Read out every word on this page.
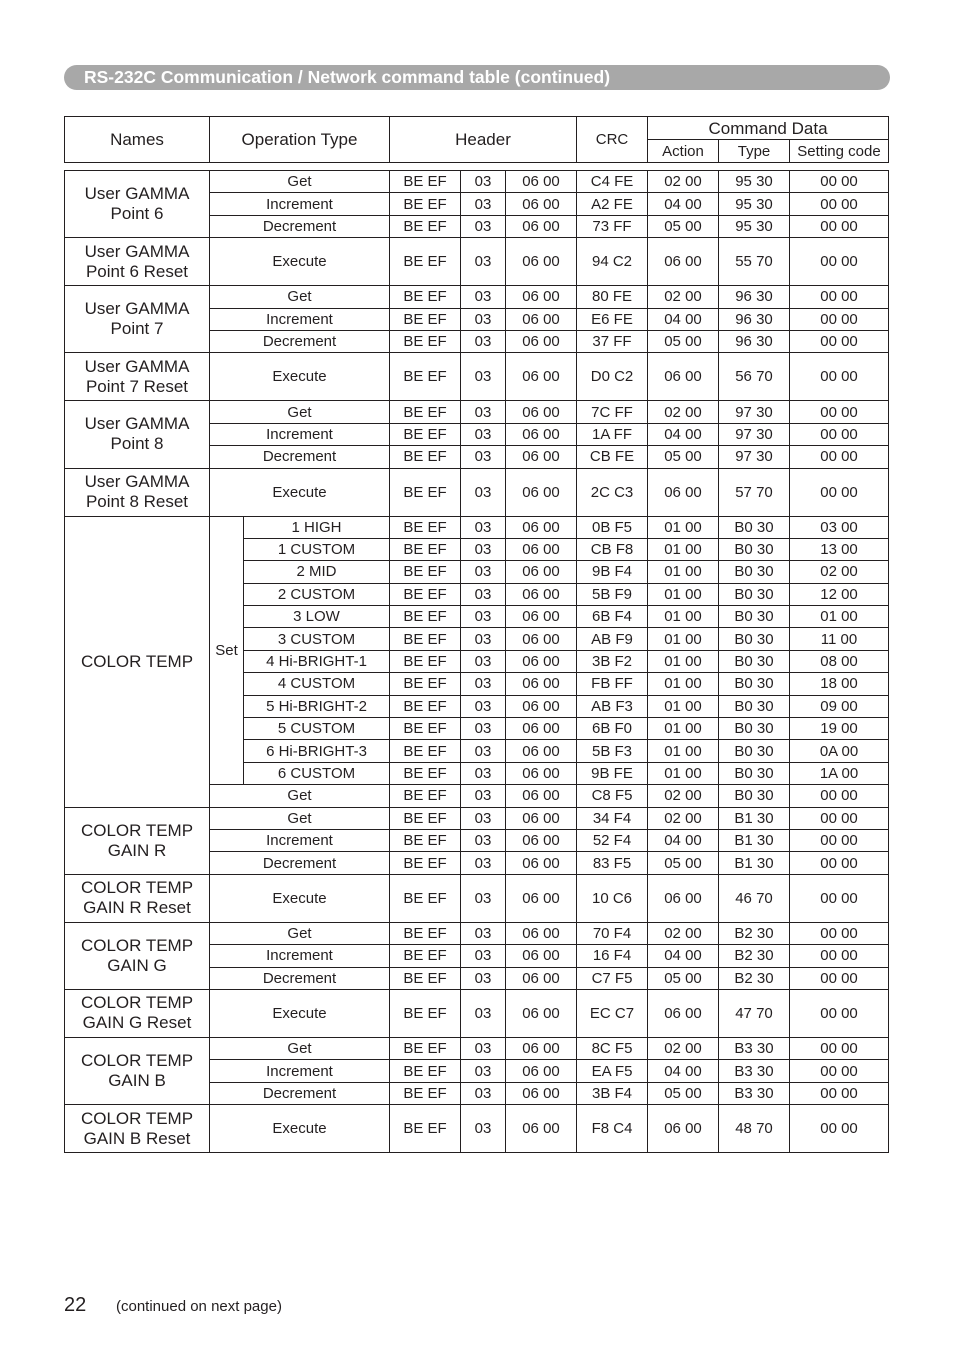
RS-232C Communication / Network command table (continued)
Names	Operation Type		Header			CRC	Command Data		
							Action	Type	Setting code

User GAMMA Point 6	Get		BE EF	03	06 00	C4 FE	02 00	95 30	00 00
	Increment		BE EF	03	06 00	A2 FE	04 00	95 30	00 00
	Decrement		BE EF	03	06 00	73 FF	05 00	95 30	00 00
User GAMMA Point 6 Reset	Execute		BE EF	03	06 00	94 C2	06 00	55 70	00 00
User GAMMA Point 7	Get		BE EF	03	06 00	80 FE	02 00	96 30	00 00
	Increment		BE EF	03	06 00	E6 FE	04 00	96 30	00 00
	Decrement		BE EF	03	06 00	37 FF	05 00	96 30	00 00
User GAMMA Point 7 Reset	Execute		BE EF	03	06 00	D0 C2	06 00	56 70	00 00
User GAMMA Point 8	Get		BE EF	03	06 00	7C FF	02 00	97 30	00 00
	Increment		BE EF	03	06 00	1A FF	04 00	97 30	00 00
	Decrement		BE EF	03	06 00	CB FE	05 00	97 30	00 00
User GAMMA Point 8 Reset	Execute		BE EF	03	06 00	2C C3	06 00	57 70	00 00
COLOR TEMP	Set	1 HIGH	BE EF	03	06 00	0B F5	01 00	B0 30	03 00
		1 CUSTOM	BE EF	03	06 00	CB F8	01 00	B0 30	13 00
		2 MID	BE EF	03	06 00	9B F4	01 00	B0 30	02 00
		2 CUSTOM	BE EF	03	06 00	5B F9	01 00	B0 30	12 00
		3 LOW	BE EF	03	06 00	6B F4	01 00	B0 30	01 00
		3 CUSTOM	BE EF	03	06 00	AB F9	01 00	B0 30	11 00
		4 Hi-BRIGHT-1	BE EF	03	06 00	3B F2	01 00	B0 30	08 00
		4 CUSTOM	BE EF	03	06 00	FB FF	01 00	B0 30	18 00
		5 Hi-BRIGHT-2	BE EF	03	06 00	AB F3	01 00	B0 30	09 00
		5 CUSTOM	BE EF	03	06 00	6B F0	01 00	B0 30	19 00
		6 Hi-BRIGHT-3	BE EF	03	06 00	5B F3	01 00	B0 30	0A 00
		6 CUSTOM	BE EF	03	06 00	9B FE	01 00	B0 30	1A 00
	Get		BE EF	03	06 00	C8 F5	02 00	B0 30	00 00
COLOR TEMP GAIN R	Get		BE EF	03	06 00	34 F4	02 00	B1 30	00 00
	Increment		BE EF	03	06 00	52 F4	04 00	B1 30	00 00
	Decrement		BE EF	03	06 00	83 F5	05 00	B1 30	00 00
COLOR TEMP GAIN R Reset	Execute		BE EF	03	06 00	10 C6	06 00	46 70	00 00
COLOR TEMP GAIN G	Get		BE EF	03	06 00	70 F4	02 00	B2 30	00 00
	Increment		BE EF	03	06 00	16 F4	04 00	B2 30	00 00
	Decrement		BE EF	03	06 00	C7 F5	05 00	B2 30	00 00
COLOR TEMP GAIN G Reset	Execute		BE EF	03	06 00	EC C7	06 00	47 70	00 00
COLOR TEMP GAIN B	Get		BE EF	03	06 00	8C F5	02 00	B3 30	00 00
	Increment		BE EF	03	06 00	EA F5	04 00	B3 30	00 00
	Decrement		BE EF	03	06 00	3B F4	05 00	B3 30	00 00
COLOR TEMP GAIN B Reset	Execute		BE EF	03	06 00	F8 C4	06 00	48 70	00 00
22 (continued on next page)
